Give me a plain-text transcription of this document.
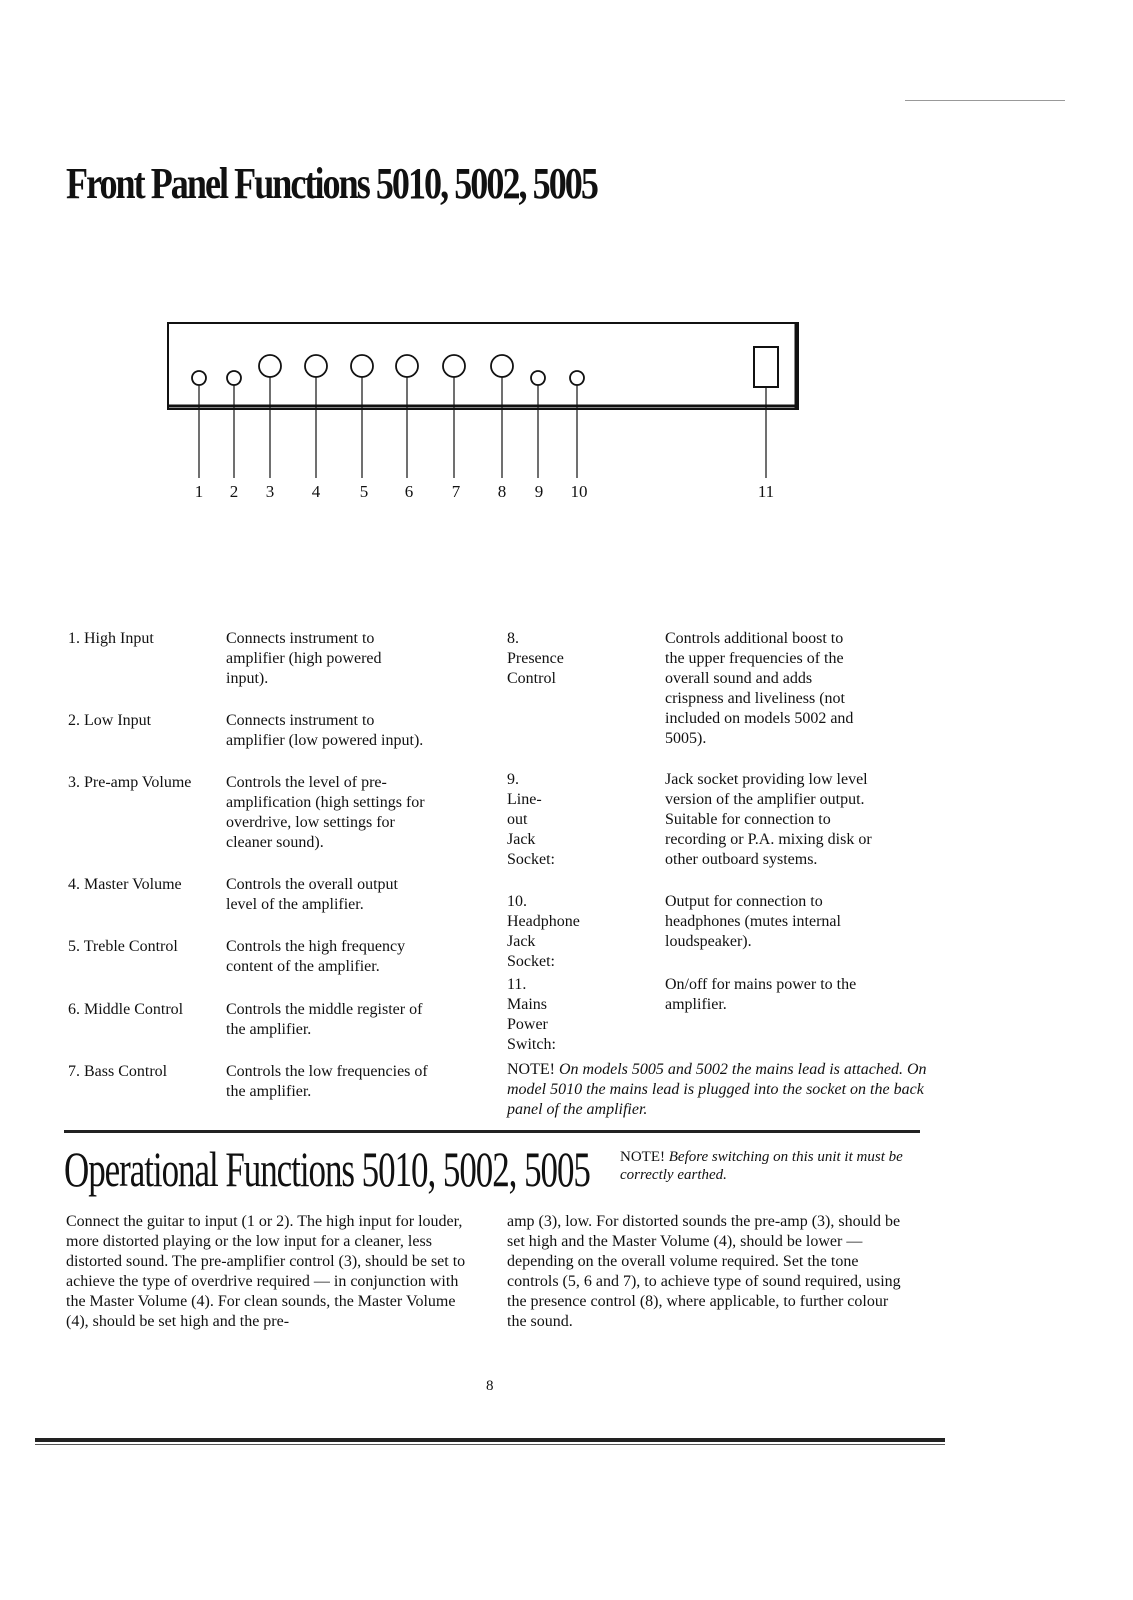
Front Panel Functions 5010, 5002, 5005
1 2 3 4 5 6 7 8 9 10	11
1. High Input	Connects instrument to
amplifier (high powered
input).
2. Low Input	Connects instrument to
amplifier (low powered input).
3. Pre-amp Volume Controls the level of pre-
amplification (high settings for
overdrive, low settings for
cleaner sound).
4. Master Volume	Controls the overall output
level of the amplifier.
5. Treble Control	Controls the high frequency
content of the amplifier.
6. Middle Control	Controls the middle register of
the amplifier.
7. Bass Control	Controls the low frequencies of
the amplifier.
8. Presence Control
Controls additional boost to
the upper frequencies of the
overall sound and adds
crispness and liveliness (not
included on models 5002 and
5005).
9. Line-out Jack
Socket:
Jack socket providing low level
version of the amplifier output.
Suitable for connection to
recording or P.A. mixing disk or
other outboard systems.
10. Headphone Jack
Socket:
Output for connection to
headphones (mutes internal
loudspeaker).
11. Mains Power
Switch:
On/off for mains power to the
amplifier.
NOTE! On models 5005 and 5002 the mains lead is attached. On model 5010 the mains lead is plugged into the socket on the back panel of the amplifier.
Operational Functions 5010, 5002, 5005 NOTE! Before switching on this unit it must be correctly earthed.
Connect the guitar to input (1 or 2). The high input for louder, more distorted playing or the low input for a cleaner, less distorted sound. The pre-amplifier control (3), should be set to achieve the type of overdrive required — in conjunction with the Master Volume (4). For clean sounds, the Master Volume (4), should be set high and the pre-
amp (3), low. For distorted sounds the pre-amp (3), should be set high and the Master Volume (4), should be lower — depending on the overall volume required. Set the tone controls (5, 6 and 7), to achieve type of sound required, using the presence control (8), where applicable, to further colour the sound.
8
